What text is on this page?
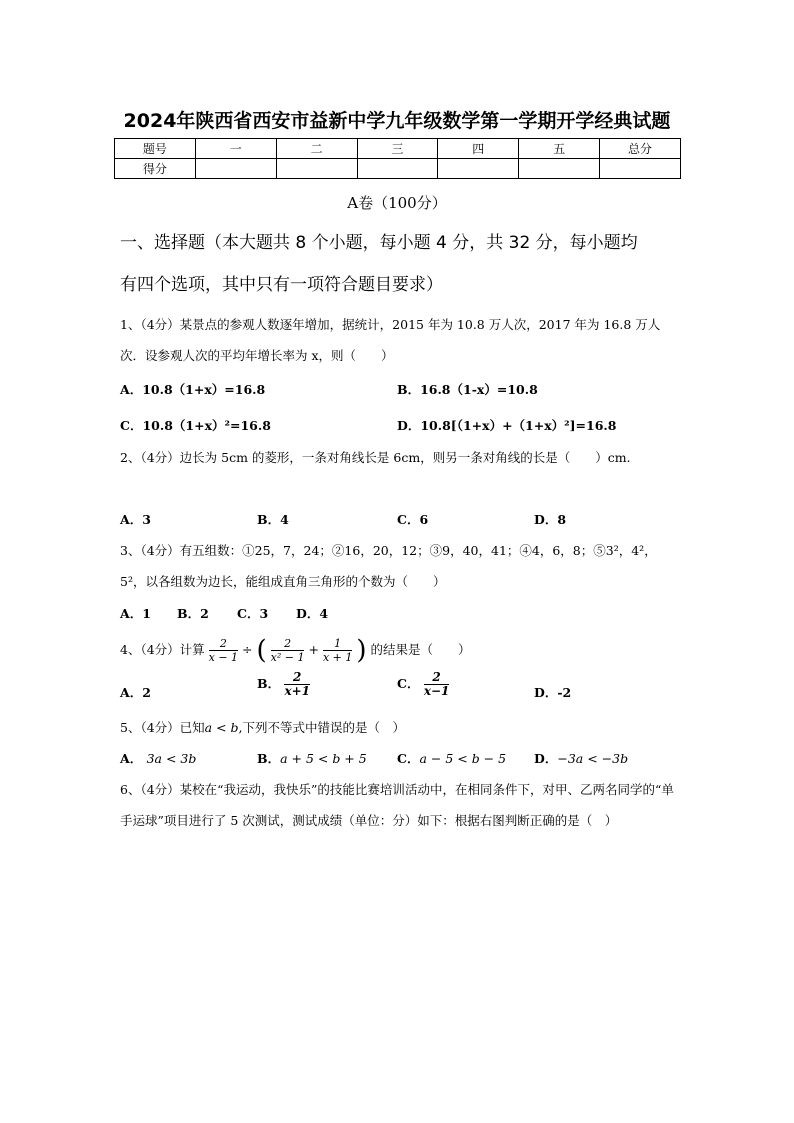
2024年陕西省西安市益新中学九年级数学第一学期开学经典试题
题号	一	二	三	四	五	总分
得分						
A卷（100分）
一、选择题（本大题共 8 个小题，每小题 4 分，共 32 分，每小题均
有四个选项，其中只有一项符合题目要求）
1、（4分）某景点的参观人数逐年增加，据统计，2015 年为 10.8 万人次，2017 年为 16.8 万人次．设参观人次的平均年增长率为 x，则（　　）
A．10.8（1+x）=16.8	B．16.8（1-x）=10.8
C．10.8（1+x）²=16.8	D．10.8[（1+x）+（1+x）²]=16.8
2、（4分）边长为 5cm 的菱形，一条对角线长是 6cm，则另一条对角线的长是（　　）cm.
A．3	B．4	C．6	D．8
3、（4分）有五组数：①25，7，24；②16，20，12；③9，40，41；④4，6，8；⑤3²，4²，5²，以各组数为边长，能组成直角三角形的个数为（　　）
A．1 B．2 C．3 D．4
4、（4分）计算 $\frac{2}{x - 1}$ ÷ ( $\frac{2}{\text{x² − 1}} + \frac{1}{x + 1}$ ) 的结果是（　　）
A．2
B． $\frac{2}{x+1}$	C． $\frac{2}{x-1}$	D．-2
5、（4分）已知a < b,下列不等式中错误的是（　）
A． 3a < 3b	B．a + 5 < b + 5 C．a − 5 < b − 5 D．−3a < −3b
6、（4分）某校在“我运动，我快乐”的技能比赛培训活动中，在相同条件下，对甲、乙两名同学的“单手运球”项目进行了 5 次测试，测试成绩（单位：分）如下：根据右图判断正确的是（　）
